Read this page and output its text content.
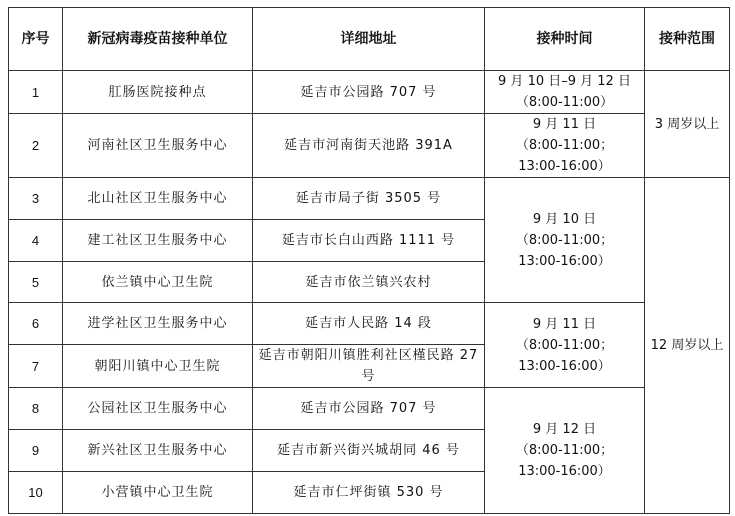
序号	新冠病毒疫苗接种单位	详细地址	接种时间	接种范围
1	肛肠医院接种点	延吉市公园路 707 号	9 月 10 日–9 月 12 日
（8:00-11:00）	3 周岁以上
2	河南社区卫生服务中心	延吉市河南街天池路 391A	9 月 11 日
（8:00-11:00；
13:00-16:00）	
3	北山社区卫生服务中心	延吉市局子街 3505 号	9 月 10 日
（8:00-11:00；
13:00-16:00）	12 周岁以上
4	建工社区卫生服务中心	延吉市长白山西路 1111 号		
5	依兰镇中心卫生院	延吉市依兰镇兴农村		
6	进学社区卫生服务中心	延吉市人民路 14 段	9 月 11 日
（8:00-11:00；
13:00-16:00）	
7	朝阳川镇中心卫生院	延吉市朝阳川镇胜利社区槿民路 27 号		
8	公园社区卫生服务中心	延吉市公园路 707 号	9 月 12 日
（8:00-11:00；
13:00-16:00）	
9	新兴社区卫生服务中心	延吉市新兴街兴城胡同 46 号		
10	小营镇中心卫生院	延吉市仁坪街镇 530 号		
